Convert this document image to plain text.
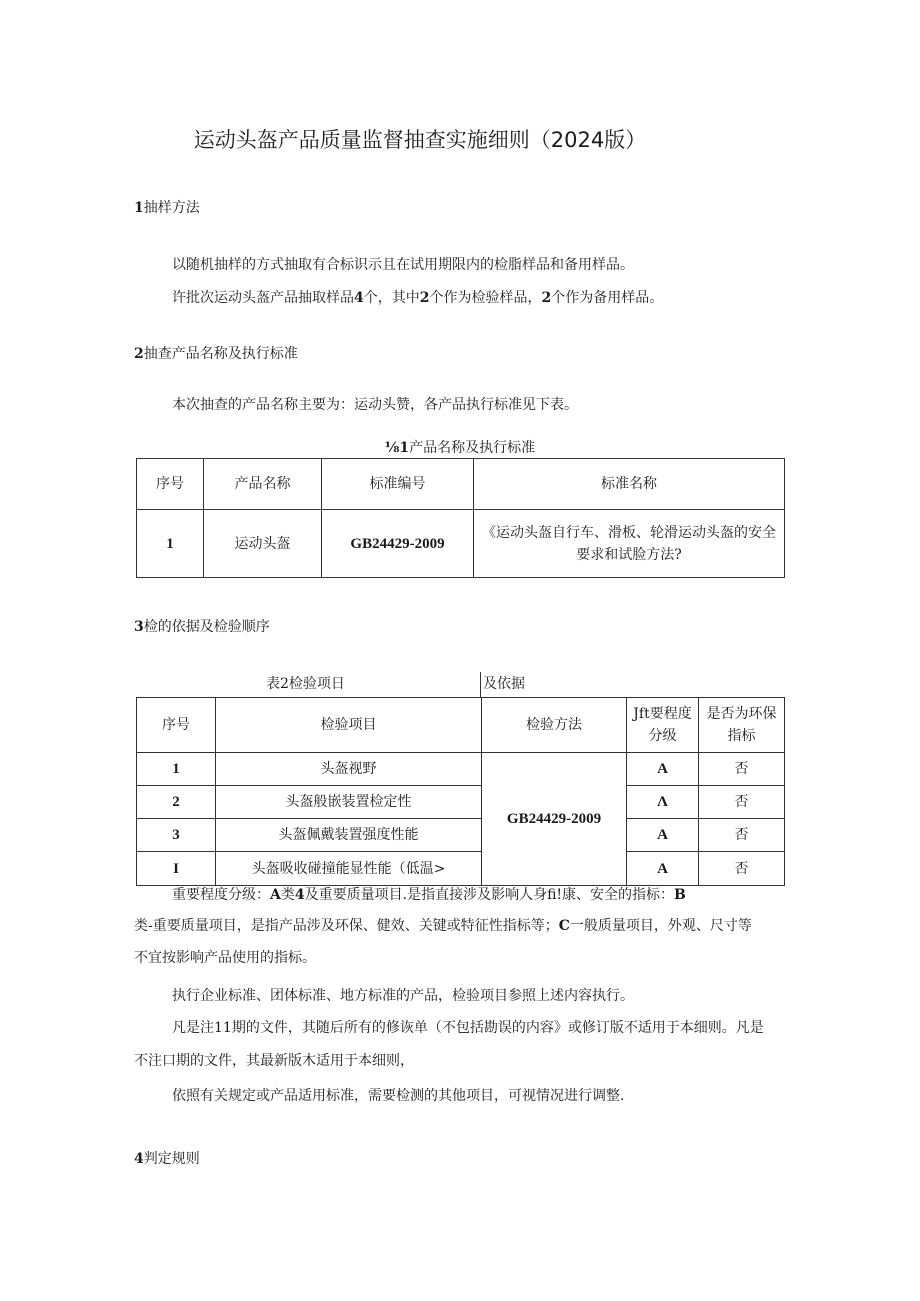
运动头盔产品质量监督抽查实施细则（2024版）
1抽样方法
以随机抽样的方式抽取有合标识示且在试用期限内的检脂样品和备用样品。
许批次运动头盔产品抽取样品4个，其中2个作为检验样品，2个作为备用样品。
2抽查产品名称及执行标准
本次抽查的产品名称主要为：运动头赞，各产品执行标准见下表。
⅛1产品名称及执行标准
序号	产品名称	标准编号	标准名称
1	运动头盔	GB24429-2009	《运动头盔自行车、滑板、轮滑运动头盔的安全要求和试脸方法?
3检的依据及检验顺序
表2检验项日	及依据
序号	检验项目	检验方法	Jft要程度分级	是否为环保指标
1	头盔视野	GB24429-2009	A	否
2	头盔般嵌装置检定性		Λ	否
3	头盔佩戴装置强度性能		A	否
I	头盔吸收碰撞能显性能（低温>		A	否
重要程度分级：A类4及重要质量项目.是指直接涉及影响人身fi!康、安全的指标：B
类-重要质量项目，是指产品涉及环保、健效、关键或特征性指标等；C一般质量项目，外观、尺寸等
不宜按影响产品使用的指标。
执行企业标准、团体标准、地方标准的产品，检验项目参照上述内容执行。
凡是注11期的文件，其随后所有的修诙单（不包括勘误的内容》或修订版不适用于本细则。凡是
不注口期的文件，其最新版木适用于本细则，
依照有关规定或产品适用标准，需要检测的其他项目，可视情况进行调整.
4判定规则
